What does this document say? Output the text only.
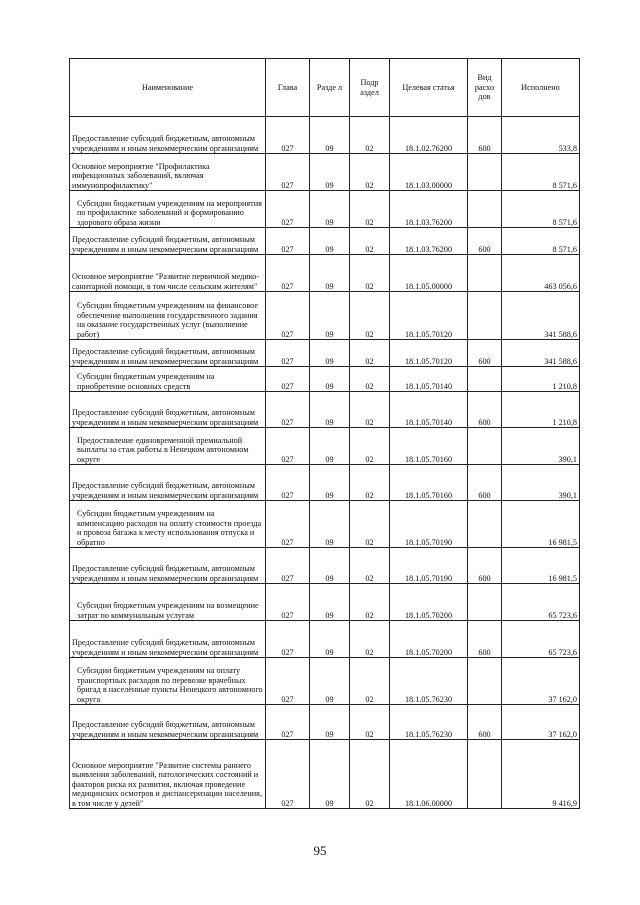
Наименование	Глава	Разде л	Подр аздел	Целевая статья	Вид расхо дов	Исполнено
Предоставление субсидий бюджетным, автономным учреждениям и иным некоммерческим организациям	027	09	02	18.1.02.76200	600	533,8
Основное мероприятие "Профилактика инфекционных заболеваний, включая иммунопрофилактику"	027	09	02	18.1.03.00000		8 571,6
Субсидии бюджетным учреждениям на мероприятия по профилактике заболеваний и формированию здорового образа жизни	027	09	02	18.1.03.76200		8 571,6
Предоставление субсидий бюджетным, автономным учреждениям и иным некоммерческим организациям	027	09	02	18.1.03.76200	600	8 571,6
Основное мероприятие "Развитие первичной медико-санитарной помощи, в том числе сельским жителям"	027	09	02	18.1.05.00000		463 056,6
Субсидии бюджетным учреждениям на финансовое обеспечение выполнения государственного задания на оказание государственных услуг (выполнение работ)	027	09	02	18.1.05.70120		341 588,6
Предоставление субсидий бюджетным, автономным учреждениям и иным некоммерческим организациям	027	09	02	18.1.05.70120	600	341 588,6
Субсидии бюджетным учреждениям на приобретение основных средств	027	09	02	18.1.05.70140		1 210,8
Предоставление субсидий бюджетным, автономным учреждениям и иным некоммерческим организациям	027	09	02	18.1.05.70140	600	1 210,8
Предоставление единовременной премиальной выплаты за стаж работы в Ненецком автономном округе	027	09	02	18.1.05.70160		390,1
Предоставление субсидий бюджетным, автономным учреждениям и иным некоммерческим организациям	027	09	02	18.1.05.70160	600	390,1
Субсидии бюджетным учреждениям на компенсацию расходов на оплату стоимости проезда и провоза багажа к месту использования отпуска и обратно	027	09	02	18.1.05.70190		16 981,5
Предоставление субсидий бюджетным, автономным учреждениям и иным некоммерческим организациям	027	09	02	18.1.05.70190	600	16 981,5
Субсидии бюджетным учреждениям на возмещение затрат по коммунальным услугам	027	09	02	18.1.05.70200		65 723,6
Предоставление субсидий бюджетным, автономным учреждениям и иным некоммерческим организациям	027	09	02	18.1.05.70200	600	65 723,6
Субсидии бюджетным учреждениям на оплату транспортных расходов по перевозке врачебных бригад в населённые пункты Ненецкого автономного округа	027	09	02	18.1.05.76230		37 162,0
Предоставление субсидий бюджетным, автономным учреждениям и иным некоммерческим организациям	027	09	02	18.1.05.76230	600	37 162,0
Основное мероприятие "Развитие системы раннего выявления заболеваний, патологических состояний и факторов риска их развития, включая проведение медицинских осмотров и диспансеризации населения, в том числе у детей"	027	09	02	18.1.06.00000		9 416,9
95
